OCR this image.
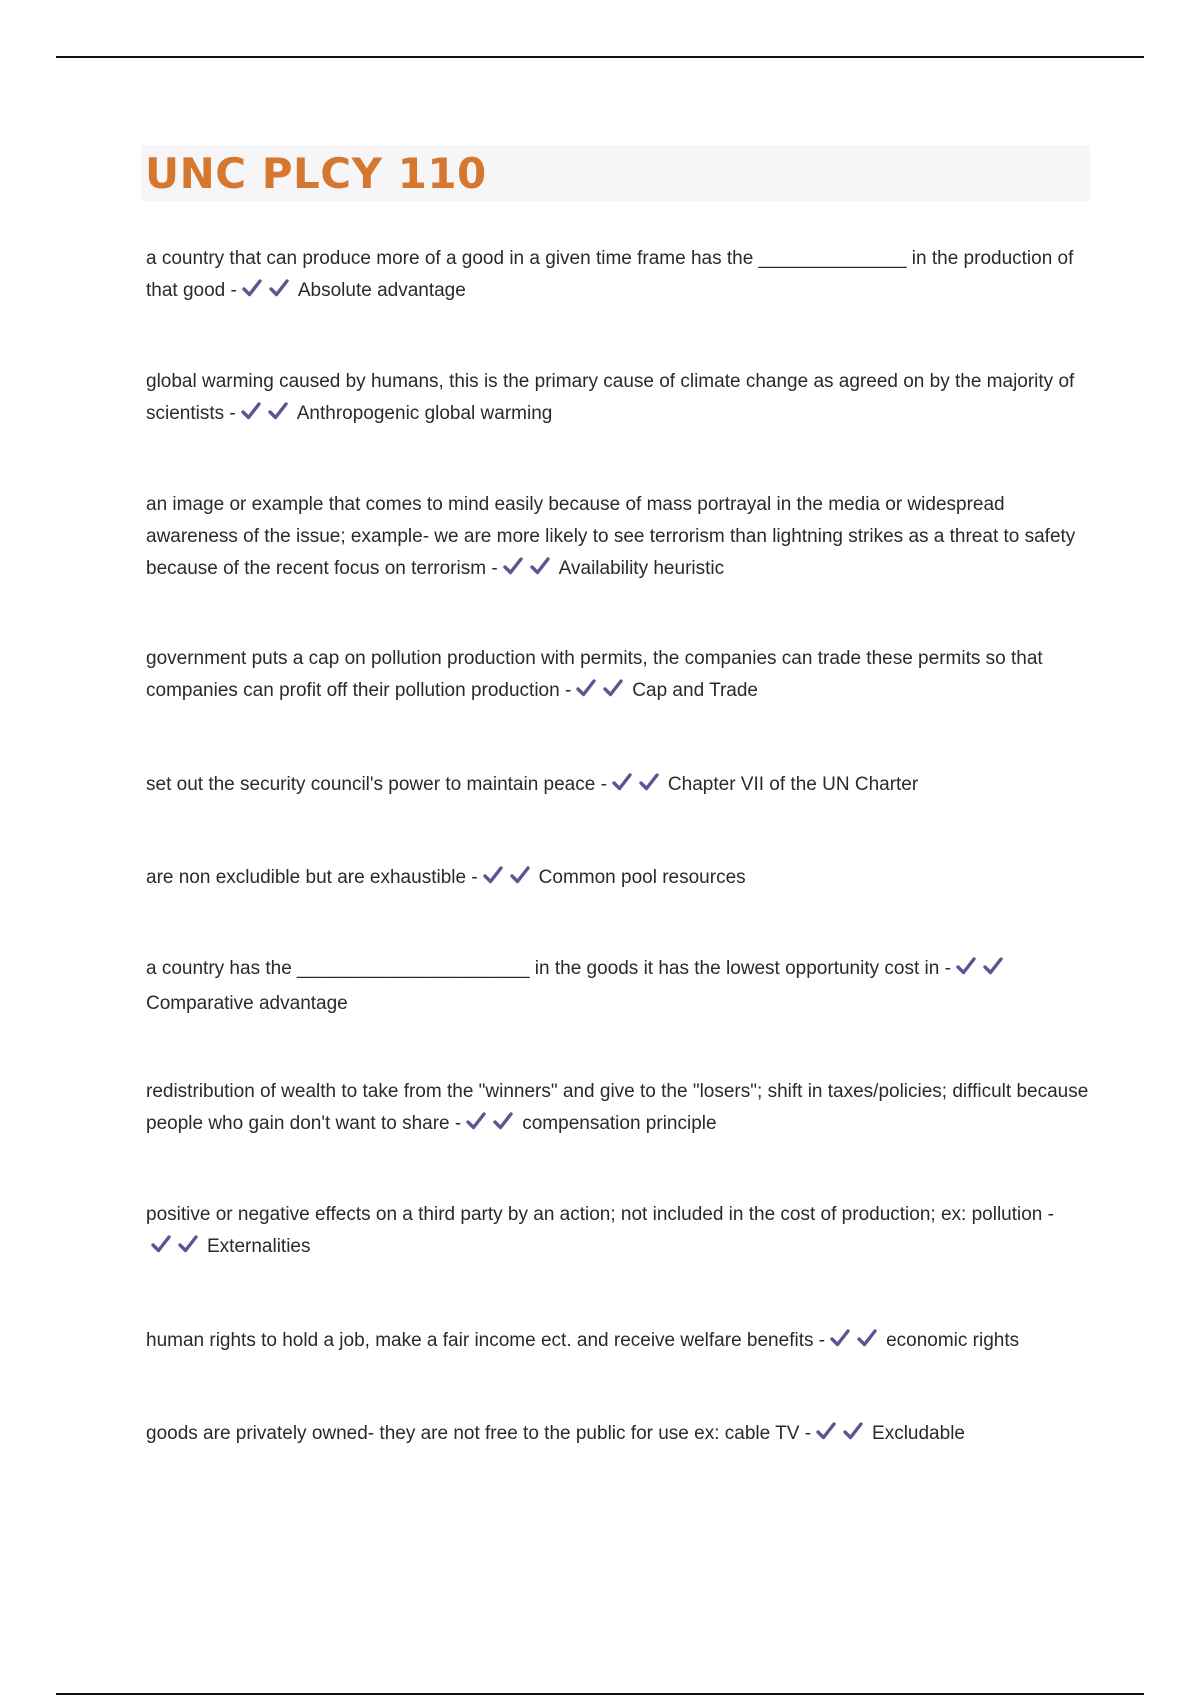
UNC PLCY 110

a country that can produce more of a good in a given time frame has the ______________ in the production of that good -	Absolute advantage

global warming caused by humans, this is the primary cause of climate change as agreed on by the majority of scientists -	Anthropogenic global warming

an image or example that comes to mind easily because of mass portrayal in the media or widespread awareness of the issue; example- we are more likely to see terrorism than lightning strikes as a threat to safety because of the recent focus on terrorism -	Availability heuristic

government puts a cap on pollution production with permits, the companies can trade these permits so that companies can profit off their pollution production -	Cap and Trade

set out the security council's power to maintain peace -	Chapter VII of the UN Charter

are non excludible but are exhaustible -	Common pool resources

a country has the ______________________ in the goods it has the lowest opportunity cost in -
Comparative advantage

redistribution of wealth to take from the "winners" and give to the "losers"; shift in taxes/policies; difficult because people who gain don't want to share -	compensation principle

positive or negative effects on a third party by an action; not included in the cost of production; ex: pollution -
Externalities

human rights to hold a job, make a fair income ect. and receive welfare benefits -	economic rights

goods are privately owned- they are not free to the public for use ex: cable TV -	Excludable
